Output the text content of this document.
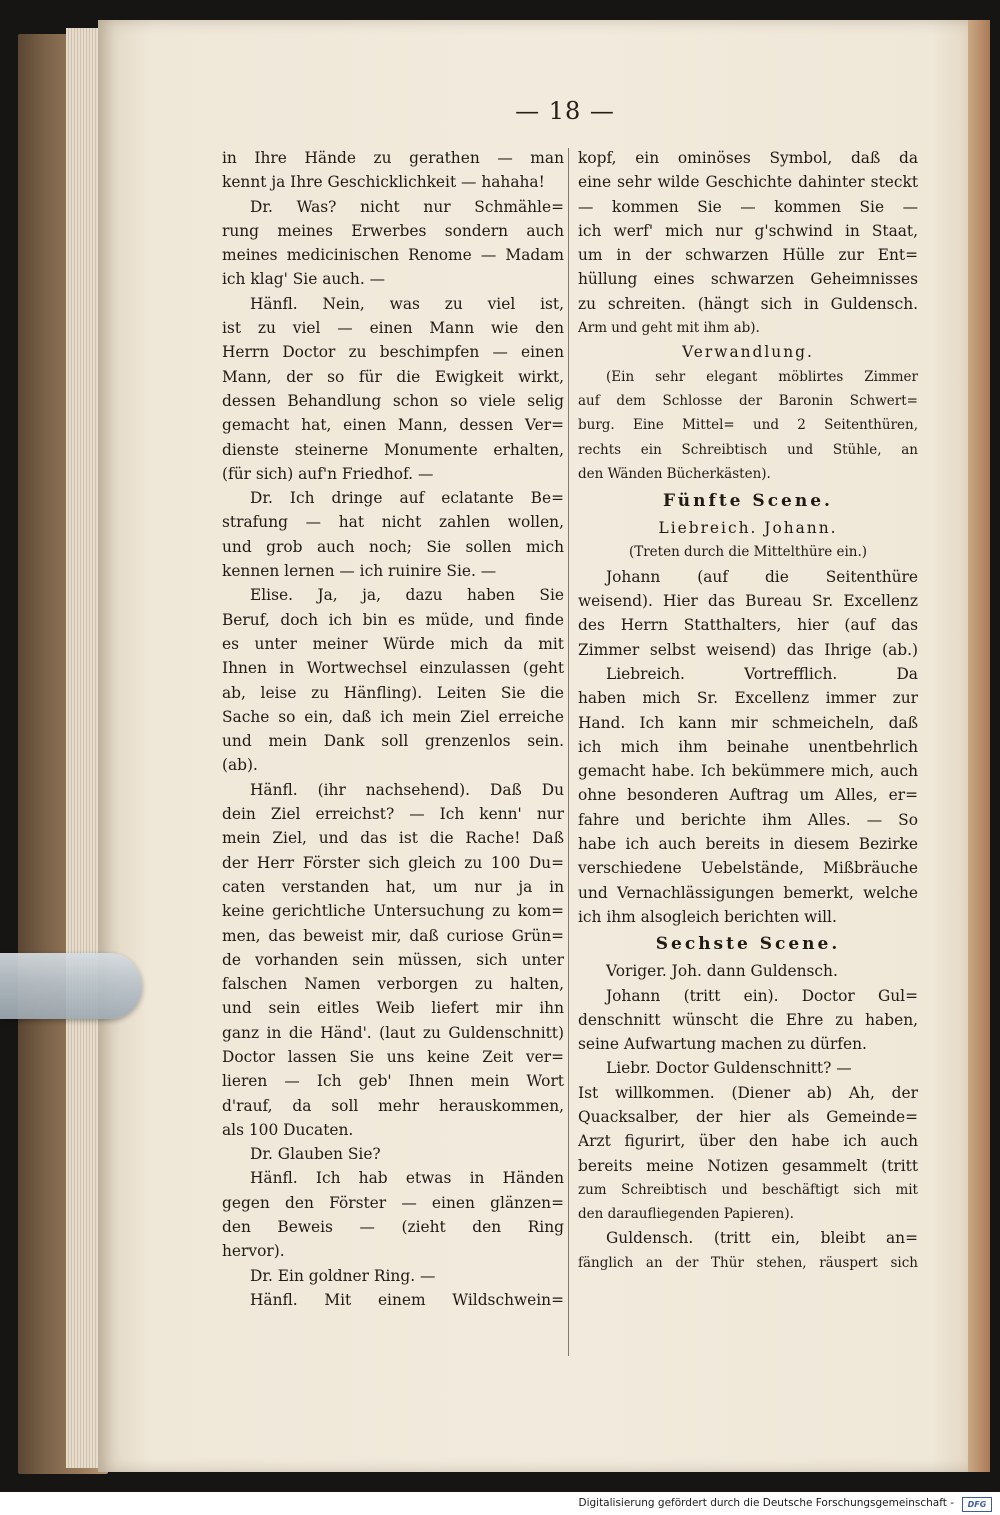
— 18 —
in Ihre Hände zu gerathen — man
kennt ja Ihre Geschicklichkeit — hahaha!
Dr. Was? nicht nur Schmähle=
rung meines Erwerbes sondern auch
meines medicinischen Renome — Madam
ich klag' Sie auch. —
Hänfl. Nein, was zu viel ist,
ist zu viel — einen Mann wie den
Herrn Doctor zu beschimpfen — einen
Mann, der so für die Ewigkeit wirkt,
dessen Behandlung schon so viele selig
gemacht hat, einen Mann, dessen Ver=
dienste steinerne Monumente erhalten,
(für sich) auf'n Friedhof. —
Dr. Ich dringe auf eclatante Be=
strafung — hat nicht zahlen wollen,
und grob auch noch; Sie sollen mich
kennen lernen — ich ruinire Sie. —
Elise. Ja, ja, dazu haben Sie
Beruf, doch ich bin es müde, und finde
es unter meiner Würde mich da mit
Ihnen in Wortwechsel einzulassen (geht
ab, leise zu Hänfling). Leiten Sie die
Sache so ein, daß ich mein Ziel erreiche
und mein Dank soll grenzenlos sein.
(ab).
Hänfl. (ihr nachsehend). Daß Du
dein Ziel erreichst? — Ich kenn' nur
mein Ziel, und das ist die Rache! Daß
der Herr Förster sich gleich zu 100 Du=
caten verstanden hat, um nur ja in
keine gerichtliche Untersuchung zu kom=
men, das beweist mir, daß curiose Grün=
de vorhanden sein müssen, sich unter
falschen Namen verborgen zu halten,
und sein eitles Weib liefert mir ihn
ganz in die Händ'. (laut zu Guldenschnitt)
Doctor lassen Sie uns keine Zeit ver=
lieren — Ich geb' Ihnen mein Wort
d'rauf, da soll mehr herauskommen,
als 100 Ducaten.
Dr. Glauben Sie?
Hänfl. Ich hab etwas in Händen
gegen den Förster — einen glänzen=
den Beweis — (zieht den Ring
hervor).
Dr. Ein goldner Ring. —
Hänfl. Mit einem Wildschwein=
kopf, ein ominöses Symbol, daß da
eine sehr wilde Geschichte dahinter steckt
— kommen Sie — kommen Sie —
ich werf' mich nur g'schwind in Staat,
um in der schwarzen Hülle zur Ent=
hüllung eines schwarzen Geheimnisses
zu schreiten. (hängt sich in Guldensch.
Arm und geht mit ihm ab).
Verwandlung.
(Ein sehr elegant möblirtes Zimmer
auf dem Schlosse der Baronin Schwert=
burg. Eine Mittel= und 2 Seitenthüren,
rechts ein Schreibtisch und Stühle, an
den Wänden Bücherkästen).
Fünfte Scene.
Liebreich. Johann.
(Treten durch die Mittelthüre ein.)
Johann (auf die Seitenthüre
weisend). Hier das Bureau Sr. Excellenz
des Herrn Statthalters, hier (auf das
Zimmer selbst weisend) das Ihrige (ab.)
Liebreich. Vortrefflich. Da
haben mich Sr. Excellenz immer zur
Hand. Ich kann mir schmeicheln, daß
ich mich ihm beinahe unentbehrlich
gemacht habe. Ich bekümmere mich, auch
ohne besonderen Auftrag um Alles, er=
fahre und berichte ihm Alles. — So
habe ich auch bereits in diesem Bezirke
verschiedene Uebelstände, Mißbräuche
und Vernachlässigungen bemerkt, welche
ich ihm alsogleich berichten will.
Sechste Scene.
Voriger. Joh. dann Guldensch.
Johann (tritt ein). Doctor Gul=
denschnitt wünscht die Ehre zu haben,
seine Aufwartung machen zu dürfen.
Liebr. Doctor Guldenschnitt? —
Ist willkommen. (Diener ab) Ah, der
Quacksalber, der hier als Gemeinde=
Arzt figurirt, über den habe ich auch
bereits meine Notizen gesammelt (tritt
zum Schreibtisch und beschäftigt sich mit
den daraufliegenden Papieren).
Guldensch. (tritt ein, bleibt an=
fänglich an der Thür stehen, räuspert sich
Digitalisierung gefördert durch die Deutsche Forschungsgemeinschaft -	DFG
